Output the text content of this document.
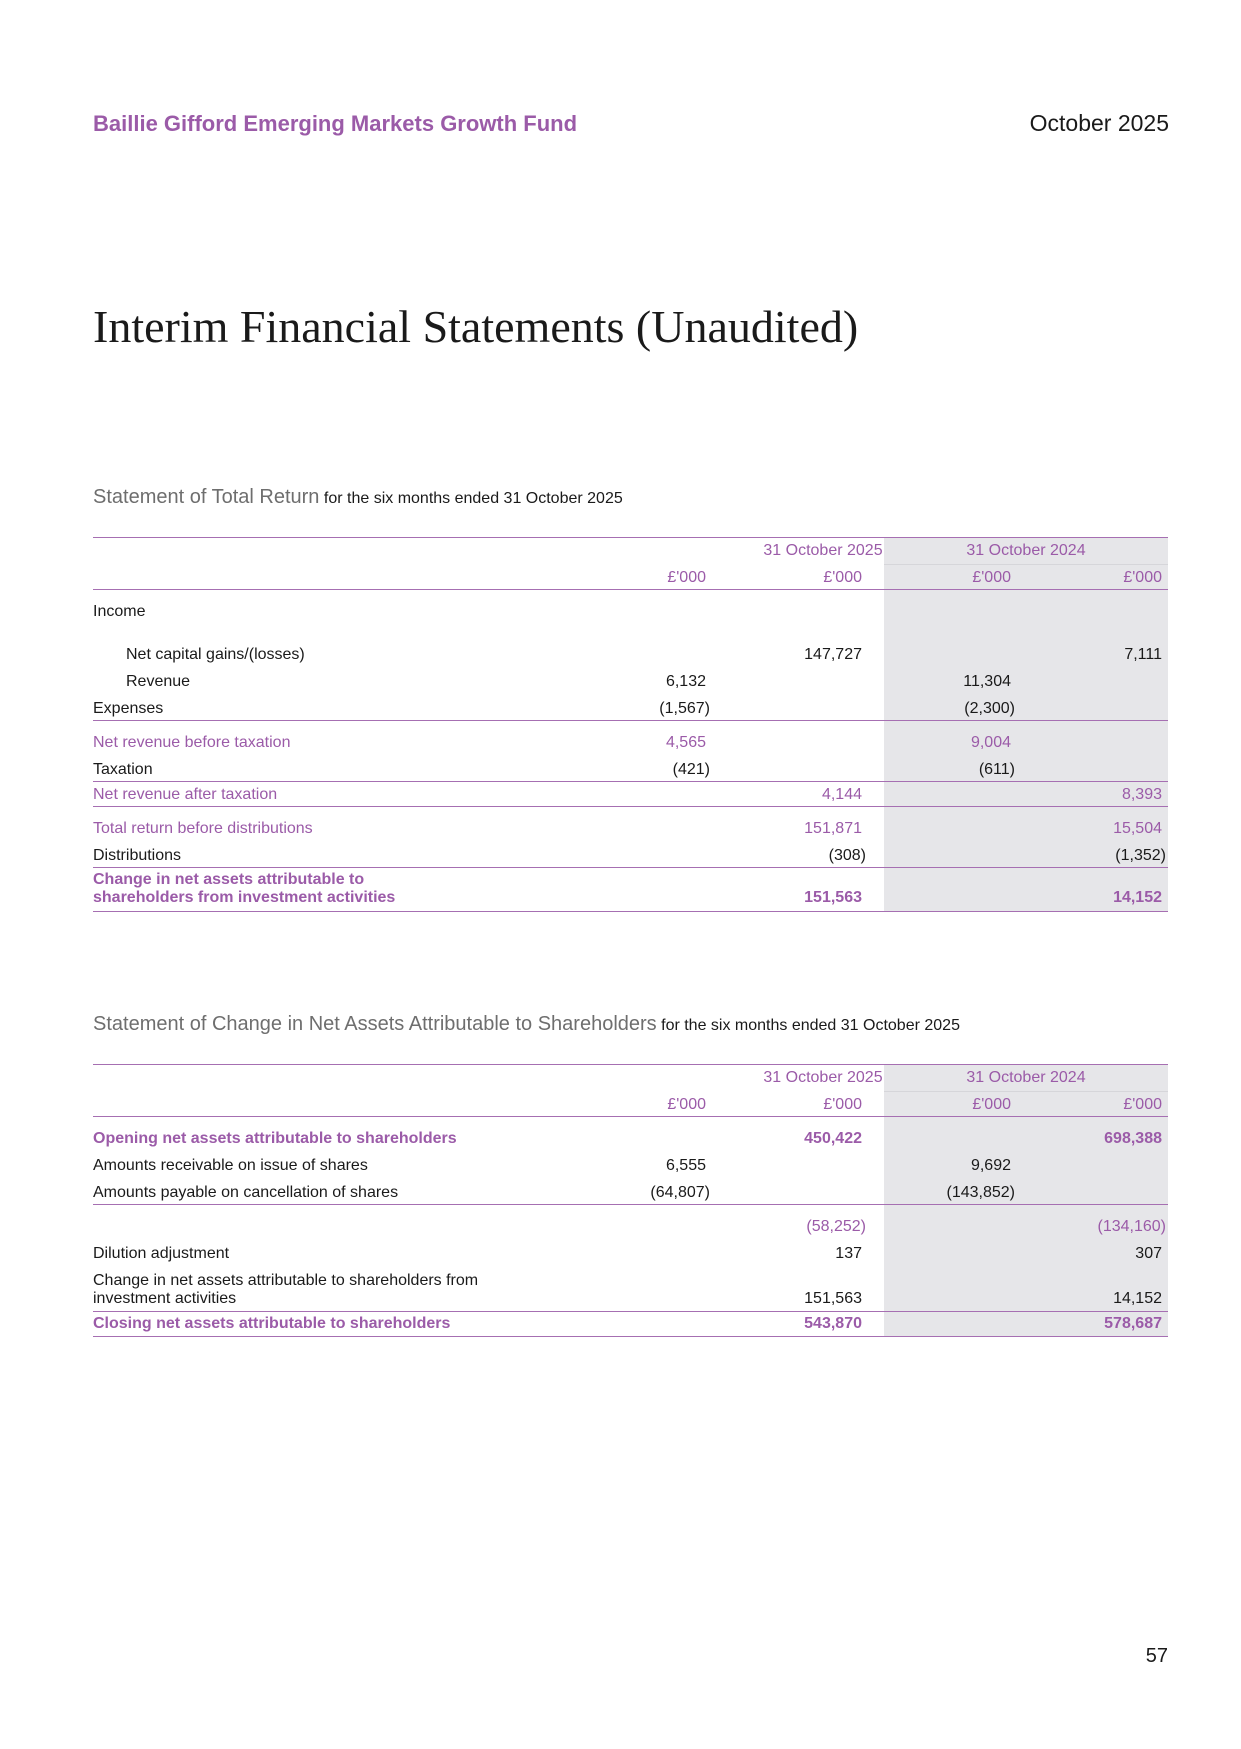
Baillie Gifford Emerging Markets Growth Fund	October 2025
Interim Financial Statements (Unaudited)
Statement of Total Return for the six months ended 31 October 2025
31 October 2025	31 October 2024
£'000	£'000	£'000	£'000
Income
Net capital gains/(losses)	147,727	7,111
Revenue	6,132	11,304
Expenses	(1,567)	(2,300)
Net revenue before taxation	4,565	9,004
Taxation	(421)	(611)
Net revenue after taxation	4,144	8,393
Total return before distributions	151,871	15,504
Distributions	(308)	(1,352)
Change in net assets attributable to
shareholders from investment activities	151,563	14,152
Statement of Change in Net Assets Attributable to Shareholders for the six months ended 31 October 2025
31 October 2025	31 October 2024
£'000	£'000	£'000	£'000
Opening net assets attributable to shareholders	450,422	698,388
Amounts receivable on issue of shares	6,555	9,692
Amounts payable on cancellation of shares	(64,807)	(143,852)
(58,252)	(134,160)
Dilution adjustment	137	307
Change in net assets attributable to shareholders from
investment activities	151,563	14,152
Closing net assets attributable to shareholders	543,870	578,687
57
